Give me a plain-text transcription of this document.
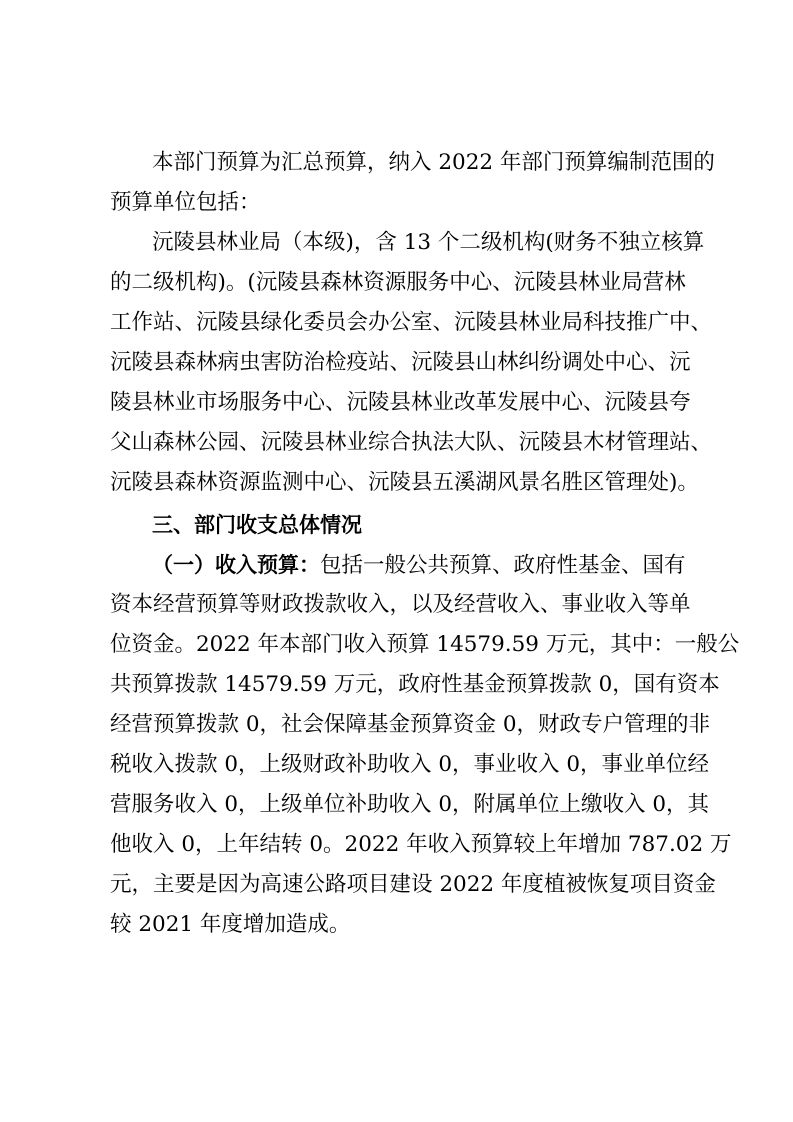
本部门预算为汇总预算，纳入 2022 年部门预算编制范围的
预算单位包括：
沅陵县林业局（本级)，含 13 个二级机构(财务不独立核算
的二级机构)。(沅陵县森林资源服务中心、沅陵县林业局营林
工作站、沅陵县绿化委员会办公室、沅陵县林业局科技推广中、
沅陵县森林病虫害防治检疫站、沅陵县山林纠纷调处中心、沅
陵县林业市场服务中心、沅陵县林业改革发展中心、沅陵县夸
父山森林公园、沅陵县林业综合执法大队、沅陵县木材管理站、
沅陵县森林资源监测中心、沅陵县五溪湖风景名胜区管理处)。
三、部门收支总体情况
（一）收入预算：包括一般公共预算、政府性基金、国有
资本经营预算等财政拨款收入，以及经营收入、事业收入等单
位资金。2022 年本部门收入预算 14579.59 万元，其中：一般公
共预算拨款 14579.59 万元，政府性基金预算拨款 0，国有资本
经营预算拨款 0，社会保障基金预算资金 0，财政专户管理的非
税收入拨款 0，上级财政补助收入 0，事业收入 0，事业单位经
营服务收入 0，上级单位补助收入 0，附属单位上缴收入 0，其
他收入 0，上年结转 0。2022 年收入预算较上年增加 787.02 万
元，主要是因为高速公路项目建设 2022 年度植被恢复项目资金
较 2021 年度增加造成。
